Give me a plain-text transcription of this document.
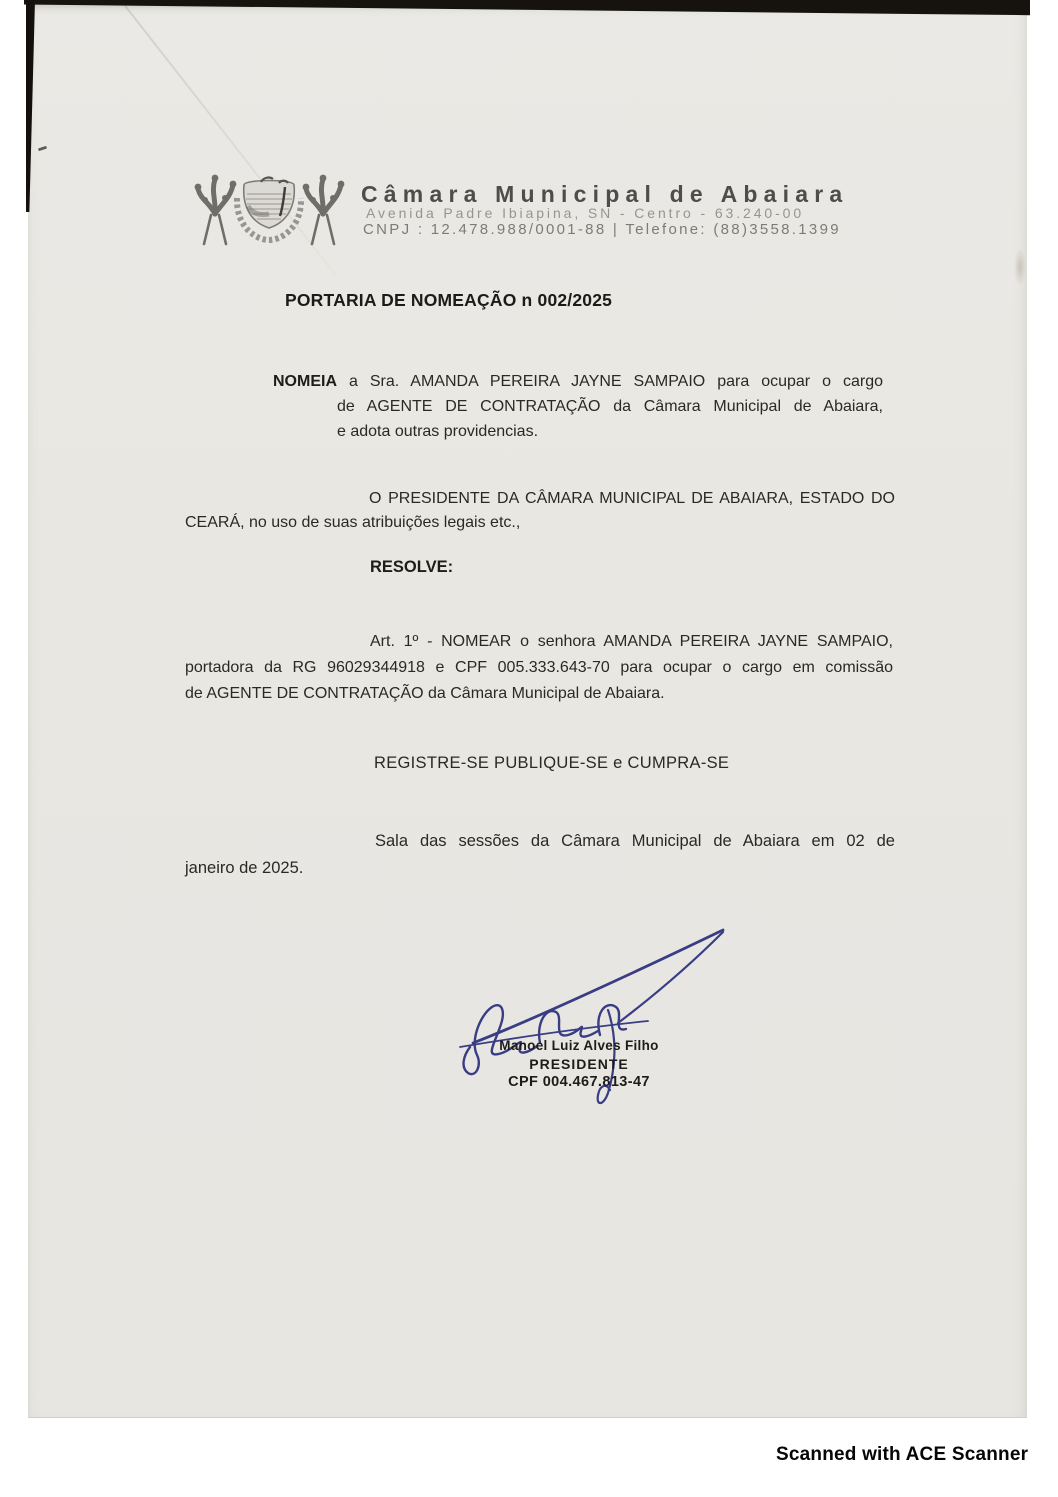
Câmara Municipal de Abaiara
Avenida Padre Ibiapina, SN - Centro - 63.240-00
CNPJ : 12.478.988/0001-88 | Telefone: (88)3558.1399
PORTARIA DE NOMEAÇÃO n 002/2025
NOMEIA a Sra. AMANDA PEREIRA JAYNE SAMPAIO para ocupar o cargo
de AGENTE DE CONTRATAÇÃO da Câmara Municipal de Abaiara,
e adota outras providencias.
O PRESIDENTE DA CÂMARA MUNICIPAL DE ABAIARA, ESTADO DO
CEARÁ, no uso de suas atribuições legais etc.,
RESOLVE:
Art. 1º - NOMEAR o senhora AMANDA PEREIRA JAYNE SAMPAIO,
portadora da RG 96029344918 e CPF 005.333.643-70 para ocupar o cargo em comissão
de AGENTE DE CONTRATAÇÃO da Câmara Municipal de Abaiara.
REGISTRE-SE PUBLIQUE-SE e CUMPRA-SE
Sala das sessões da Câmara Municipal de Abaiara em 02 de
janeiro de 2025.
Manoel Luiz Alves Filho
PRESIDENTE
CPF 004.467.813-47
Scanned with ACE Scanner
